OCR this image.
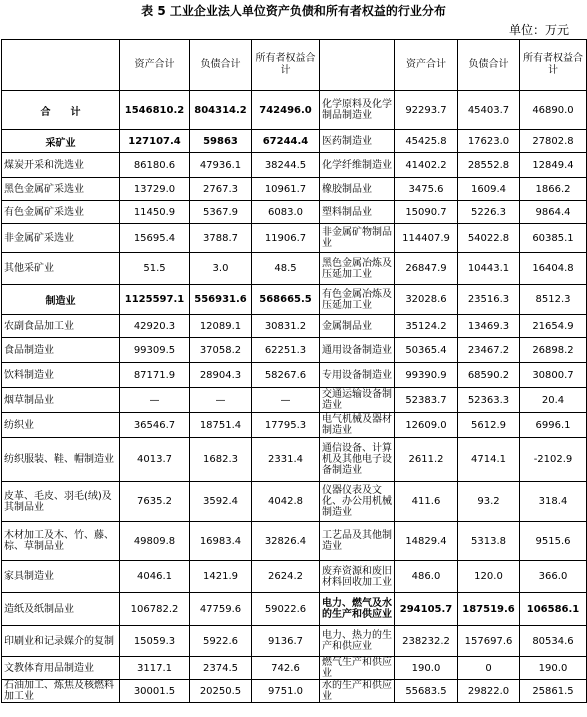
表 5 工业企业法人单位资产负债和所有者权益的行业分布
单位：万元
	资产合计	负债合计	所有者权益合计		资产合计	负债合计	所有者权益合计
合　　计	1546810.2	804314.2	742496.0	化学原料及化学制品制造业	92293.7	45403.7	46890.0
采矿业	127107.4	59863	67244.4	医药制造业	45425.8	17623.0	27802.8
煤炭开采和洗选业	86180.6	47936.1	38244.5	化学纤维制造业	41402.2	28552.8	12849.4
黑色金属矿采选业	13729.0	2767.3	10961.7	橡胶制品业	3475.6	1609.4	1866.2
有色金属矿采选业	11450.9	5367.9	6083.0	塑料制品业	15090.7	5226.3	9864.4
非金属矿采选业	15695.4	3788.7	11906.7	非金属矿物制品业	114407.9	54022.8	60385.1
其他采矿业	51.5	3.0	48.5	黑色金属冶炼及压延加工业	26847.9	10443.1	16404.8
制造业	1125597.1	556931.6	568665.5	有色金属冶炼及压延加工业	32028.6	23516.3	8512.3
农副食品加工业	42920.3	12089.1	30831.2	金属制品业	35124.2	13469.3	21654.9
食品制造业	99309.5	37058.2	62251.3	通用设备制造业	50365.4	23467.2	26898.2
饮料制造业	87171.9	28904.3	58267.6	专用设备制造业	99390.9	68590.2	30800.7
烟草制品业	—	—	—	交通运输设备制造业	52383.7	52363.3	20.4
纺织业	36546.7	18751.4	17795.3	电气机械及器材制造业	12609.0	5612.9	6996.1
纺织服装、鞋、帽制造业	4013.7	1682.3	2331.4	通信设备、计算机及其他电子设备制造业	2611.2	4714.1	-2102.9
皮革、毛皮、羽毛(绒)及其制品业	7635.2	3592.4	4042.8	仪器仪表及文化、办公用机械制造业	411.6	93.2	318.4
木材加工及木、竹、藤、棕、草制品业	49809.8	16983.4	32826.4	工艺品及其他制造业	14829.4	5313.8	9515.6
家具制造业	4046.1	1421.9	2624.2	废弃资源和废旧材料回收加工业	486.0	120.0	366.0
造纸及纸制品业	106782.2	47759.6	59022.6	电力、燃气及水的生产和供应业	294105.7	187519.6	106586.1
印刷业和记录媒介的复制	15059.3	5922.6	9136.7	电力、热力的生产和供应业	238232.2	157697.6	80534.6
文教体育用品制造业	3117.1	2374.5	742.6	燃气生产和供应业	190.0	0	190.0
石油加工、炼焦及核燃料加工业	30001.5	20250.5	9751.0	水的生产和供应业	55683.5	29822.0	25861.5
